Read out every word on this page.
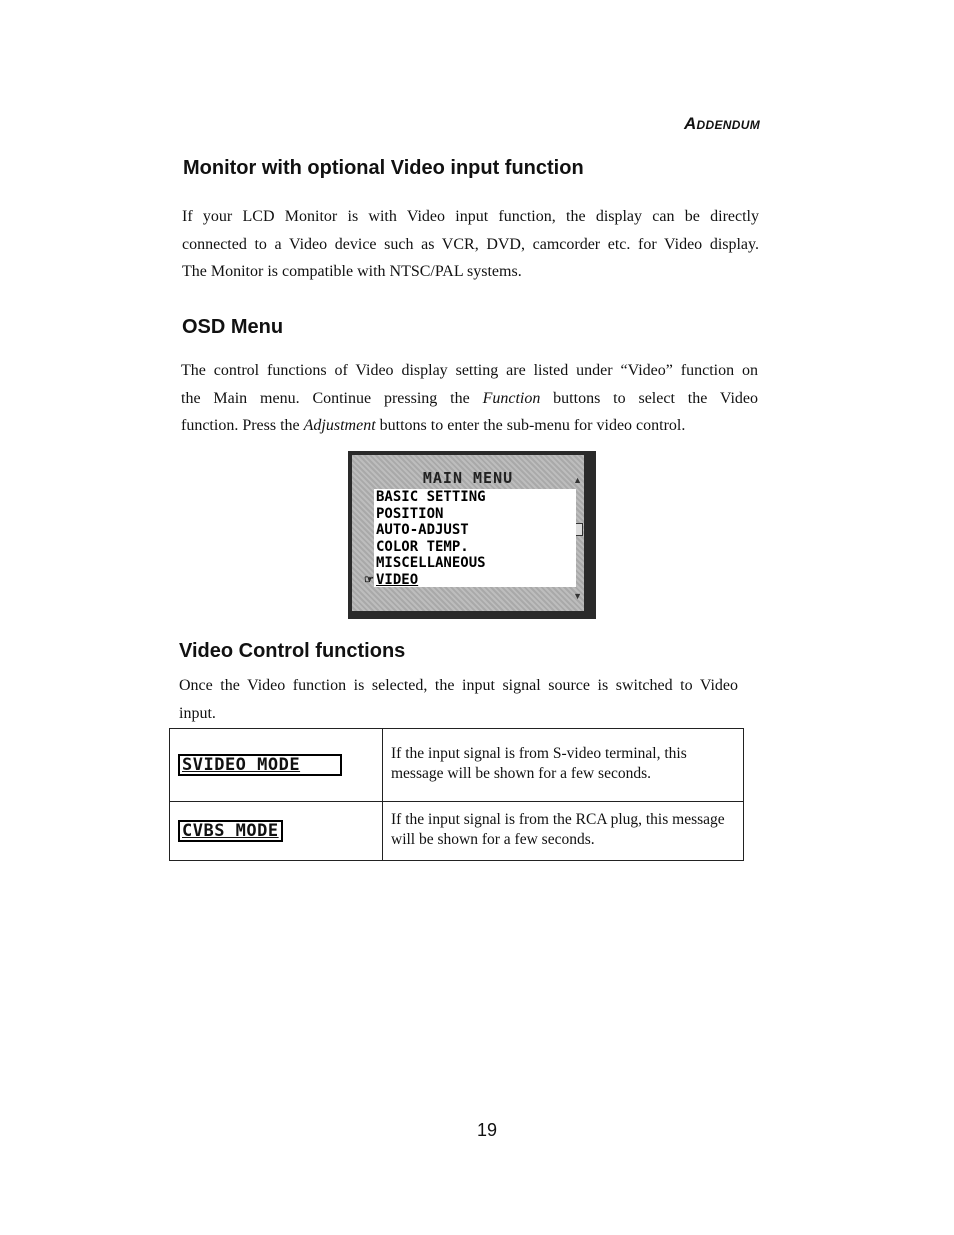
Addendum
Monitor with optional Video input function
If your LCD Monitor is with Video input function, the display can be directly
connected to a Video device such as VCR, DVD, camcorder etc. for Video display.
The Monitor is compatible with NTSC/PAL systems.
OSD Menu
The control functions of Video display setting are listed under “Video” function on
the Main menu. Continue pressing the Function buttons to select the Video
function. Press the Adjustment buttons to enter the sub-menu for video control.
MAIN MENU	▲
▼
☞
BASIC SETTING
POSITION
AUTO-ADJUST
COLOR TEMP.
MISCELLANEOUS
VIDEO
Video Control functions
Once the Video function is selected, the input signal source is switched to Video
input.
SVIDEO MODE	If the input signal is from S-video terminal, this message will be shown for a few seconds.
CVBS MODE	If the input signal is from the RCA plug, this message will be shown for a few seconds.
19
